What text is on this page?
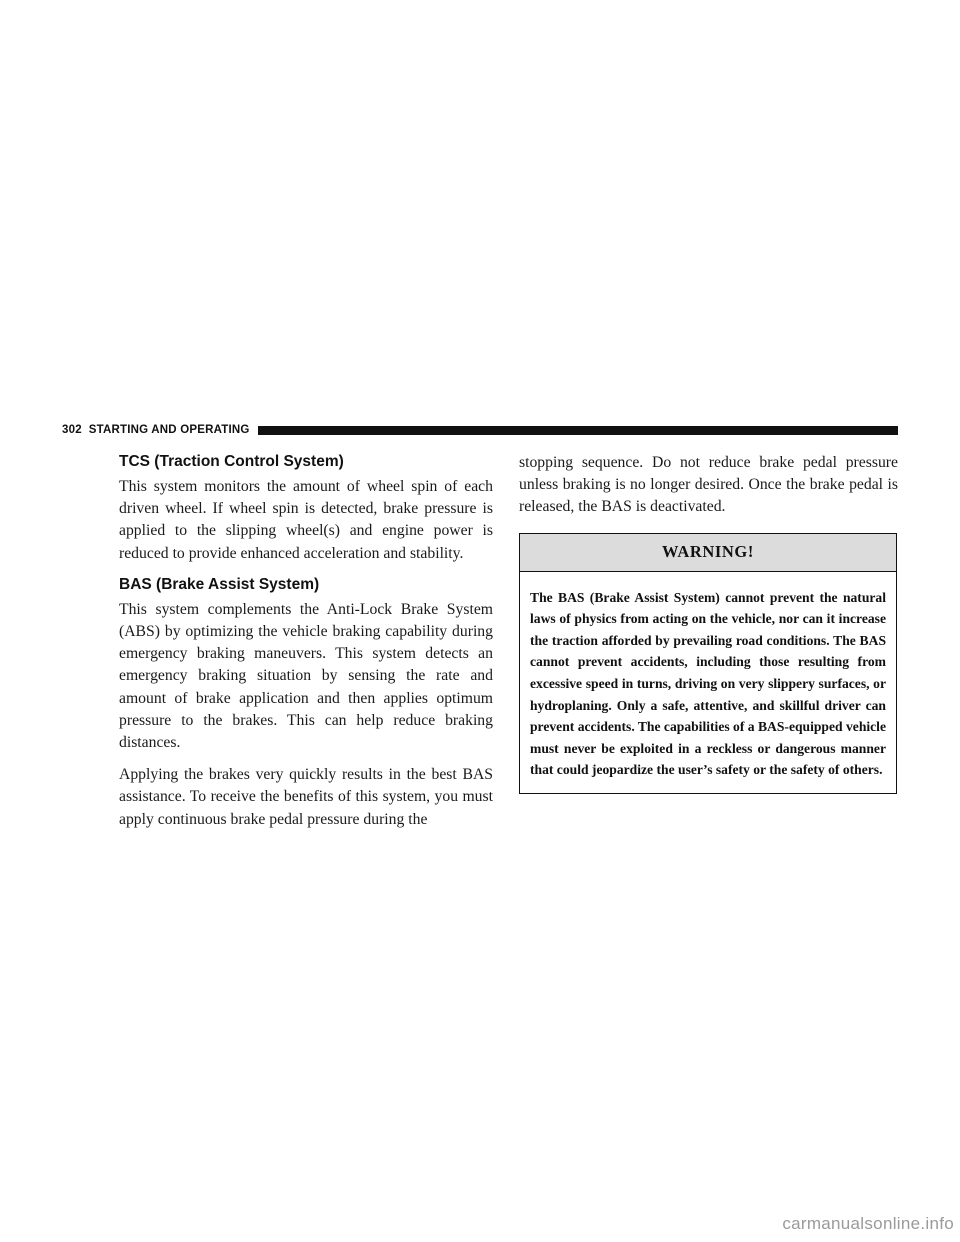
302 STARTING AND OPERATING
TCS (Traction Control System)

This system monitors the amount of wheel spin of each driven wheel. If wheel spin is detected, brake pressure is applied to the slipping wheel(s) and engine power is reduced to provide enhanced acceleration and stability.

BAS (Brake Assist System)

This system complements the Anti-Lock Brake System (ABS) by optimizing the vehicle braking capability during emergency braking maneuvers. This system detects an emergency braking situation by sensing the rate and amount of brake application and then applies optimum pressure to the brakes. This can help reduce braking distances.

Applying the brakes very quickly results in the best BAS assistance. To receive the benefits of this system, you must apply continuous brake pedal pressure during the

stopping sequence. Do not reduce brake pedal pressure unless braking is no longer desired. Once the brake pedal is released, the BAS is deactivated.

WARNING!
The BAS (Brake Assist System) cannot prevent the natural laws of physics from acting on the vehicle, nor can it increase the traction afforded by prevailing road conditions. The BAS cannot prevent accidents, including those resulting from excessive speed in turns, driving on very slippery surfaces, or hydroplaning. Only a safe, attentive, and skillful driver can prevent accidents. The capabilities of a BAS-equipped vehicle must never be exploited in a reckless or dangerous manner that could jeopardize the user’s safety or the safety of others.
carmanualsonline.info
